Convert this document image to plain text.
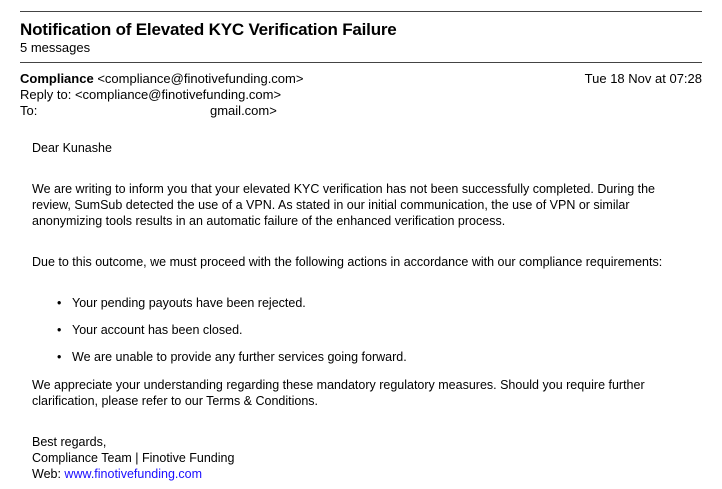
Notification of Elevated KYC Verification Failure
5 messages
Compliance <compliance@finotivefunding.com>	Tue 18 Nov at 07:28
Reply to: <compliance@finotivefunding.com>
To:	gmail.com>

Dear Kunashe

We are writing to inform you that your elevated KYC verification has not been successfully completed. During the review, SumSub detected the use of a VPN. As stated in our initial communication, the use of VPN or similar anonymizing tools results in an automatic failure of the enhanced verification process.

Due to this outcome, we must proceed with the following actions in accordance with our compliance requirements:

• Your pending payouts have been rejected.
• Your account has been closed.
• We are unable to provide any further services going forward.

We appreciate your understanding regarding these mandatory regulatory measures. Should you require further clarification, please refer to our Terms & Conditions.

Best regards,
Compliance Team | Finotive Funding
Web: www.finotivefunding.com
